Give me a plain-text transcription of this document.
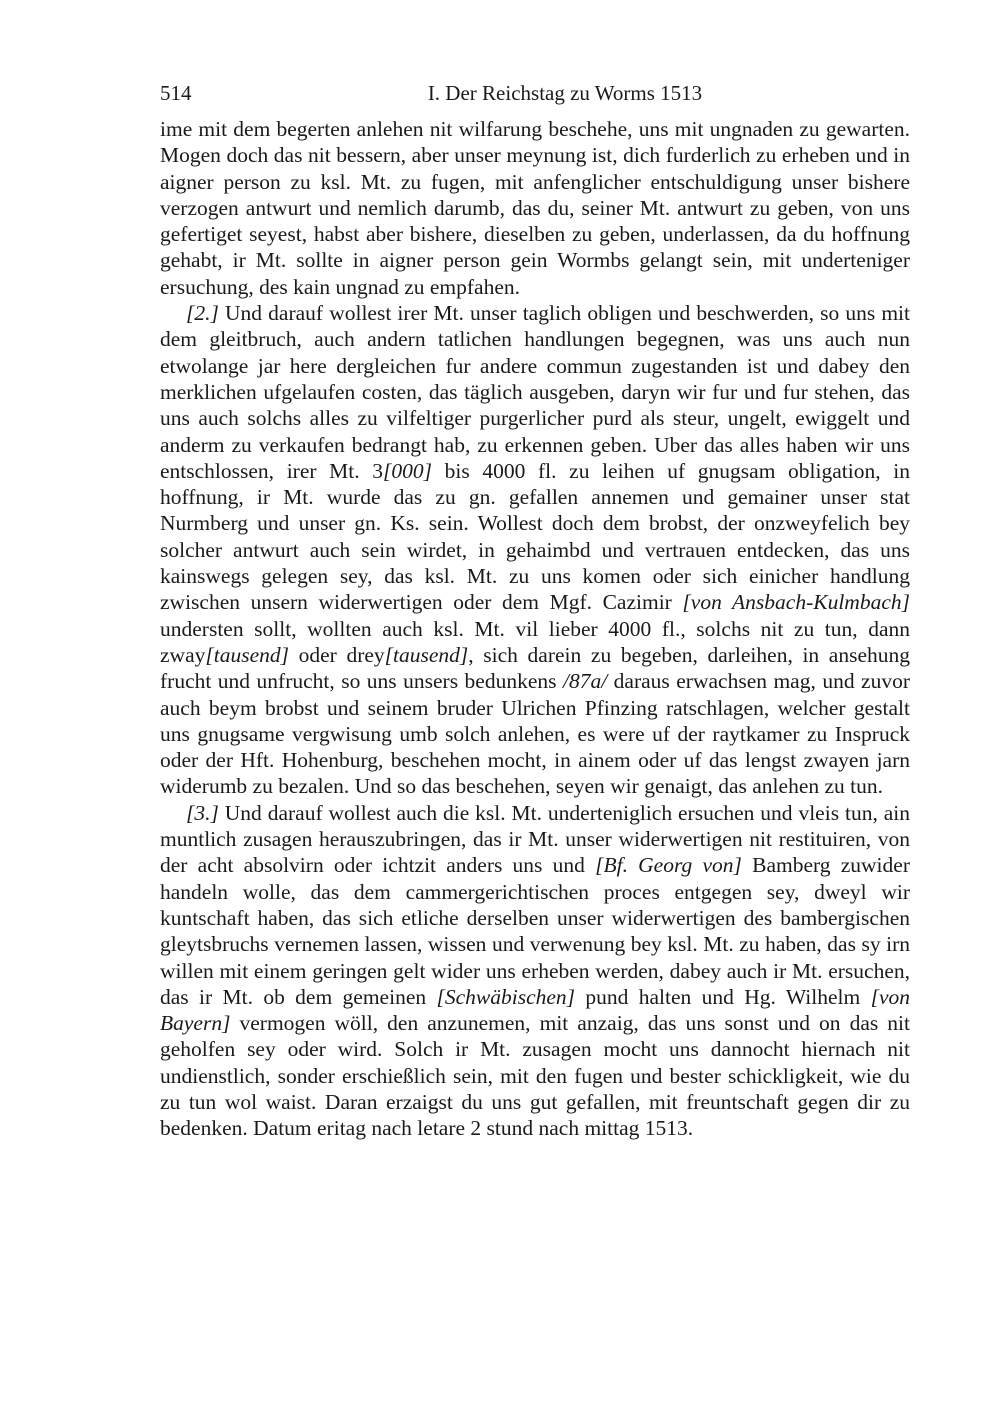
514	I. Der Reichstag zu Worms 1513

ime mit dem begerten anlehen nit wilfarung beschehe, uns mit ungnaden zu gewarten. Mogen doch das nit bessern, aber unser meynung ist, dich furderlich zu erheben und in aigner person zu ksl. Mt. zu fugen, mit anfenglicher entschuldigung unser bishere verzogen antwurt und nemlich darumb, das du, seiner Mt. antwurt zu geben, von uns gefertiget seyest, habst aber bishere, dieselben zu geben, underlassen, da du hoffnung gehabt, ir Mt. sollte in aigner person gein Wormbs gelangt sein, mit underteniger ersuchung, des kain ungnad zu empfahen.

[2.] Und darauf wollest irer Mt. unser taglich obligen und beschwerden, so uns mit dem gleitbruch, auch andern tatlichen handlungen begegnen, was uns auch nun etwolange jar here dergleichen fur andere commun zugestanden ist und dabey den merklichen ufgelaufen costen, das täglich ausgeben, daryn wir fur und fur stehen, das uns auch solchs alles zu vilfeltiger purgerlicher purd als steur, ungelt, ewiggelt und anderm zu verkaufen bedrangt hab, zu erkennen geben. Uber das alles haben wir uns entschlossen, irer Mt. 3[000] bis 4000 fl. zu leihen uf gnugsam obligation, in hoffnung, ir Mt. wurde das zu gn. gefallen annemen und gemainer unser stat Nurmberg und unser gn. Ks. sein. Wollest doch dem brobst, der onzweyfelich bey solcher antwurt auch sein wirdet, in gehaimbd und vertrauen entdecken, das uns kainswegs gelegen sey, das ksl. Mt. zu uns komen oder sich einicher handlung zwischen unsern widerwertigen oder dem Mgf. Cazimir [von Ansbach-Kulmbach] understen sollt, wollten auch ksl. Mt. vil lieber 4000 fl., solchs nit zu tun, dann zway[tausend] oder drey[tausend], sich darein zu begeben, darleihen, in ansehung frucht und unfrucht, so uns unsers bedunkens /87a/ daraus erwachsen mag, und zuvor auch beym brobst und seinem bruder Ulrichen Pfinzing ratschlagen, welcher gestalt uns gnugsame vergwisung umb solch anlehen, es were uf der raytkamer zu Inspruck oder der Hft. Hohenburg, beschehen mocht, in ainem oder uf das lengst zwayen jarn widerumb zu bezalen. Und so das beschehen, seyen wir genaigt, das anlehen zu tun.

[3.] Und darauf wollest auch die ksl. Mt. underteniglich ersuchen und vleis tun, ain muntlich zusagen herauszubringen, das ir Mt. unser widerwertigen nit restituiren, von der acht absolvirn oder ichtzit anders uns und [Bf. Georg von] Bamberg zuwider handeln wolle, das dem cammergerichtischen proces entgegen sey, dweyl wir kuntschaft haben, das sich etliche derselben unser widerwertigen des bambergischen gleytsbruchs vernemen lassen, wissen und verwenung bey ksl. Mt. zu haben, das sy irn willen mit einem geringen gelt wider uns erheben werden, dabey auch ir Mt. ersuchen, das ir Mt. ob dem gemeinen [Schwäbischen] pund halten und Hg. Wilhelm [von Bayern] vermogen wöll, den anzunemen, mit anzaig, das uns sonst und on das nit geholfen sey oder wird. Solch ir Mt. zusagen mocht uns dannocht hiernach nit undienstlich, sonder erschießlich sein, mit den fugen und bester schickligkeit, wie du zu tun wol waist. Daran erzaigst du uns gut gefallen, mit freuntschaft gegen dir zu bedenken. Datum eritag nach letare 2 stund nach mittag 1513.
